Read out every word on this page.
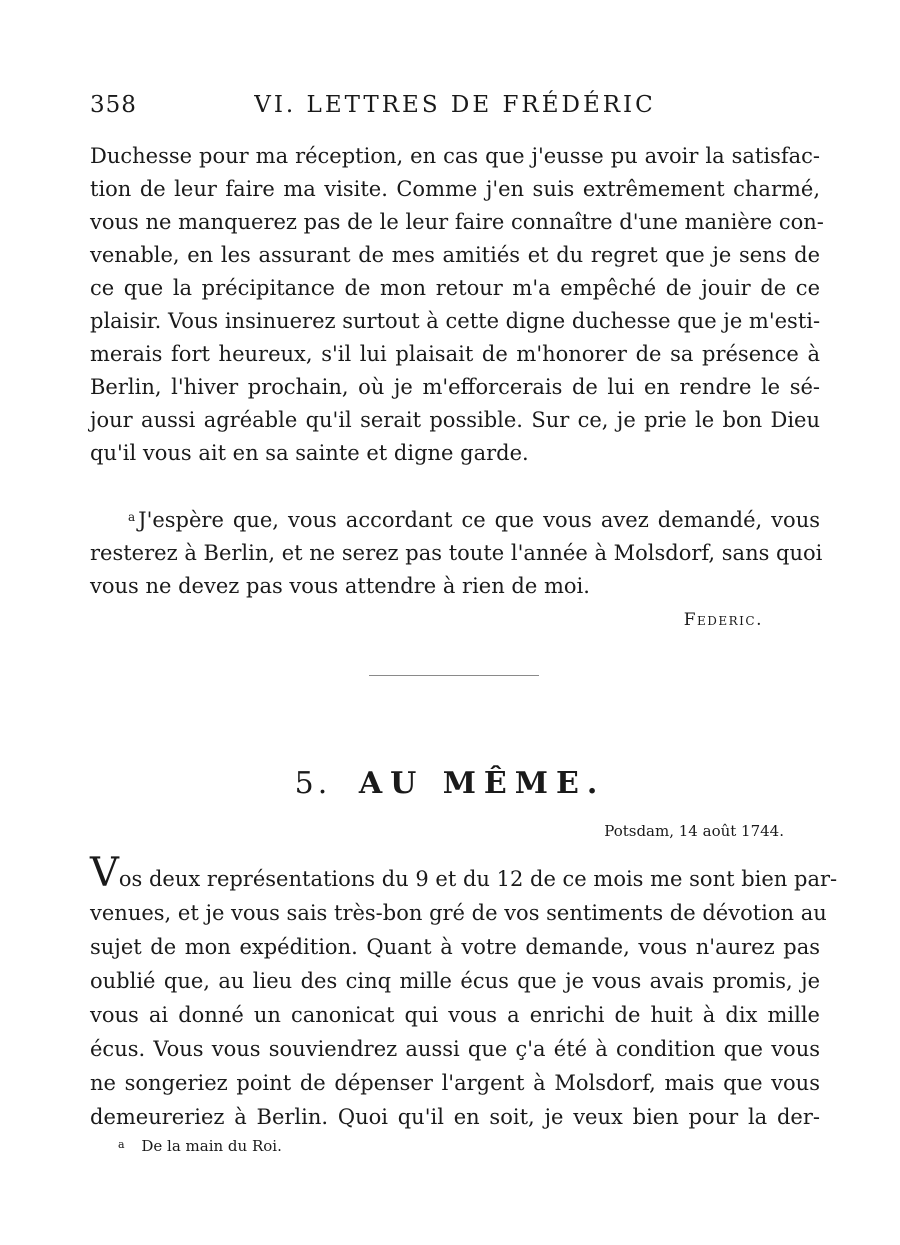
358	VI. LETTRES DE FRÉDÉRIC
Duchesse pour ma réception, en cas que j'eusse pu avoir la satisfac-
tion de leur faire ma visite. Comme j'en suis extrêmement charmé,
vous ne manquerez pas de le leur faire connaître d'une manière con-
venable, en les assurant de mes amitiés et du regret que je sens de
ce que la précipitance de mon retour m'a empêché de jouir de ce
plaisir. Vous insinuerez surtout à cette digne duchesse que je m'esti-
merais fort heureux, s'il lui plaisait de m'honorer de sa présence à
Berlin, l'hiver prochain, où je m'efforcerais de lui en rendre le sé-
jour aussi agréable qu'il serait possible. Sur ce, je prie le bon Dieu
qu'il vous ait en sa sainte et digne garde.
$^a$ J'espère que, vous accordant ce que vous avez demandé, vous
resterez à Berlin, et ne serez pas toute l'année à Molsdorf, sans quoi
vous ne devez pas vous attendre à rien de moi.
Federic.
5. AU MÊME.
Potsdam, 14 août 1744.
Vos deux représentations du 9 et du 12 de ce mois me sont bien par-
venues, et je vous sais très-bon gré de vos sentiments de dévotion au
sujet de mon expédition. Quant à votre demande, vous n'aurez pas
oublié que, au lieu des cinq mille écus que je vous avais promis, je
vous ai donné un canonicat qui vous a enrichi de huit à dix mille
écus. Vous vous souviendrez aussi que ç'a été à condition que vous
ne songeriez point de dépenser l'argent à Molsdorf, mais que vous
demeureriez à Berlin. Quoi qu'il en soit, je veux bien pour la der-
$^a$ De la main du Roi.
